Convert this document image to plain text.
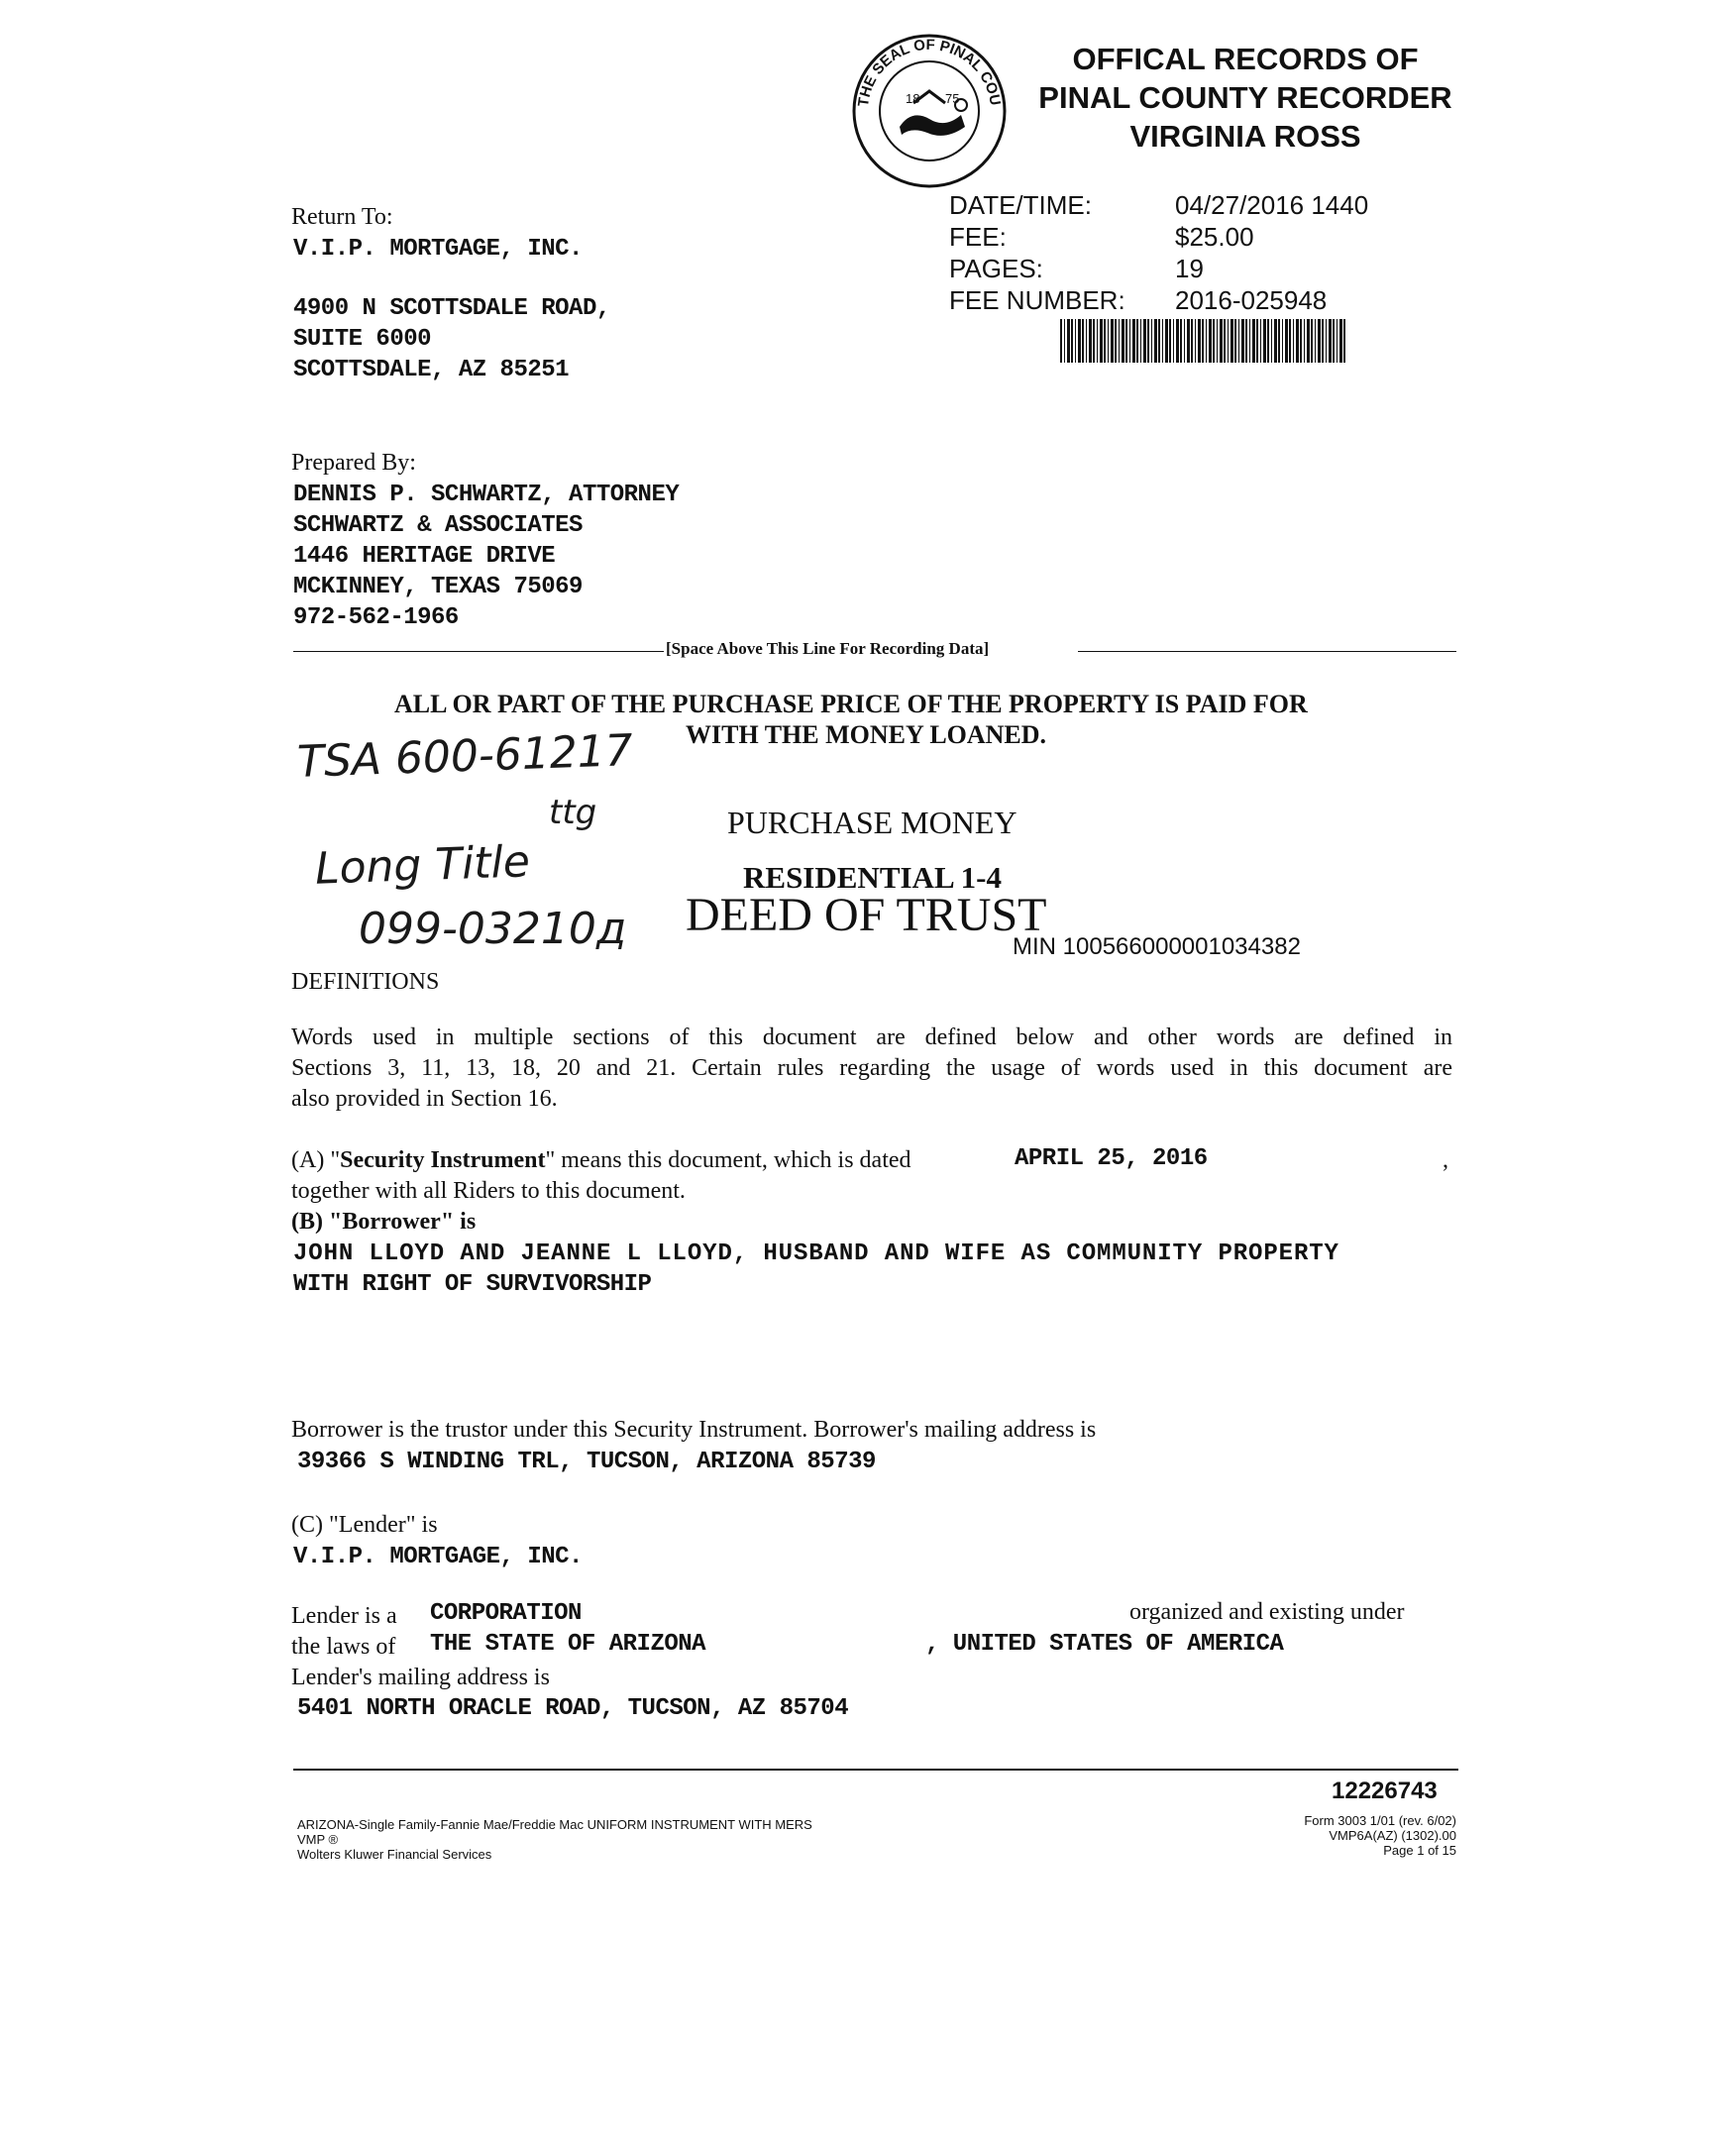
THE SEAL OF PINAL COU
18 75
OFFICAL RECORDS OF
PINAL COUNTY RECORDER
VIRGINIA ROSS
DATE/TIME:	04/27/2016 1440
FEE:	$25.00
PAGES:	19
FEE NUMBER: 2016-025948
Return To:
V.I.P. MORTGAGE, INC.
4900 N SCOTTSDALE ROAD,
SUITE 6000
SCOTTSDALE, AZ 85251
Prepared By:
DENNIS P. SCHWARTZ, ATTORNEY
SCHWARTZ & ASSOCIATES
1446 HERITAGE DRIVE
MCKINNEY, TEXAS 75069
972-562-1966
[Space Above This Line For Recording Data]
ALL OR PART OF THE PURCHASE PRICE OF THE PROPERTY IS PAID FOR
WITH THE MONEY LOANED.
TSA 600-61217
ttg
Long Title
099-03210д
PURCHASE MONEY
RESIDENTIAL 1-4
DEED OF TRUST
MIN 100566000001034382
DEFINITIONS
Words used in multiple sections of this document are defined below and other words are defined in
Sections 3, 11, 13, 18, 20 and 21. Certain rules regarding the usage of words used in this document are
also provided in Section 16.
(A) "Security Instrument" means this document, which is dated	APRIL 25, 2016	,
together with all Riders to this document.
(B) "Borrower" is
JOHN LLOYD AND JEANNE L LLOYD, HUSBAND AND WIFE AS COMMUNITY PROPERTY
WITH RIGHT OF SURVIVORSHIP
Borrower is the trustor under this Security Instrument. Borrower's mailing address is
39366 S WINDING TRL, TUCSON, ARIZONA 85739
(C) "Lender" is
V.I.P. MORTGAGE, INC.
Lender is a CORPORATION	organized and existing under
the laws of THE STATE OF ARIZONA	, UNITED STATES OF AMERICA
Lender's mailing address is
5401 NORTH ORACLE ROAD, TUCSON, AZ 85704
12226743
ARIZONA-Single Family-Fannie Mae/Freddie Mac UNIFORM INSTRUMENT WITH MERS
VMP ®
Wolters Kluwer Financial Services
Form 3003 1/01 (rev. 6/02)
VMP6A(AZ) (1302).00
Page 1 of 15
